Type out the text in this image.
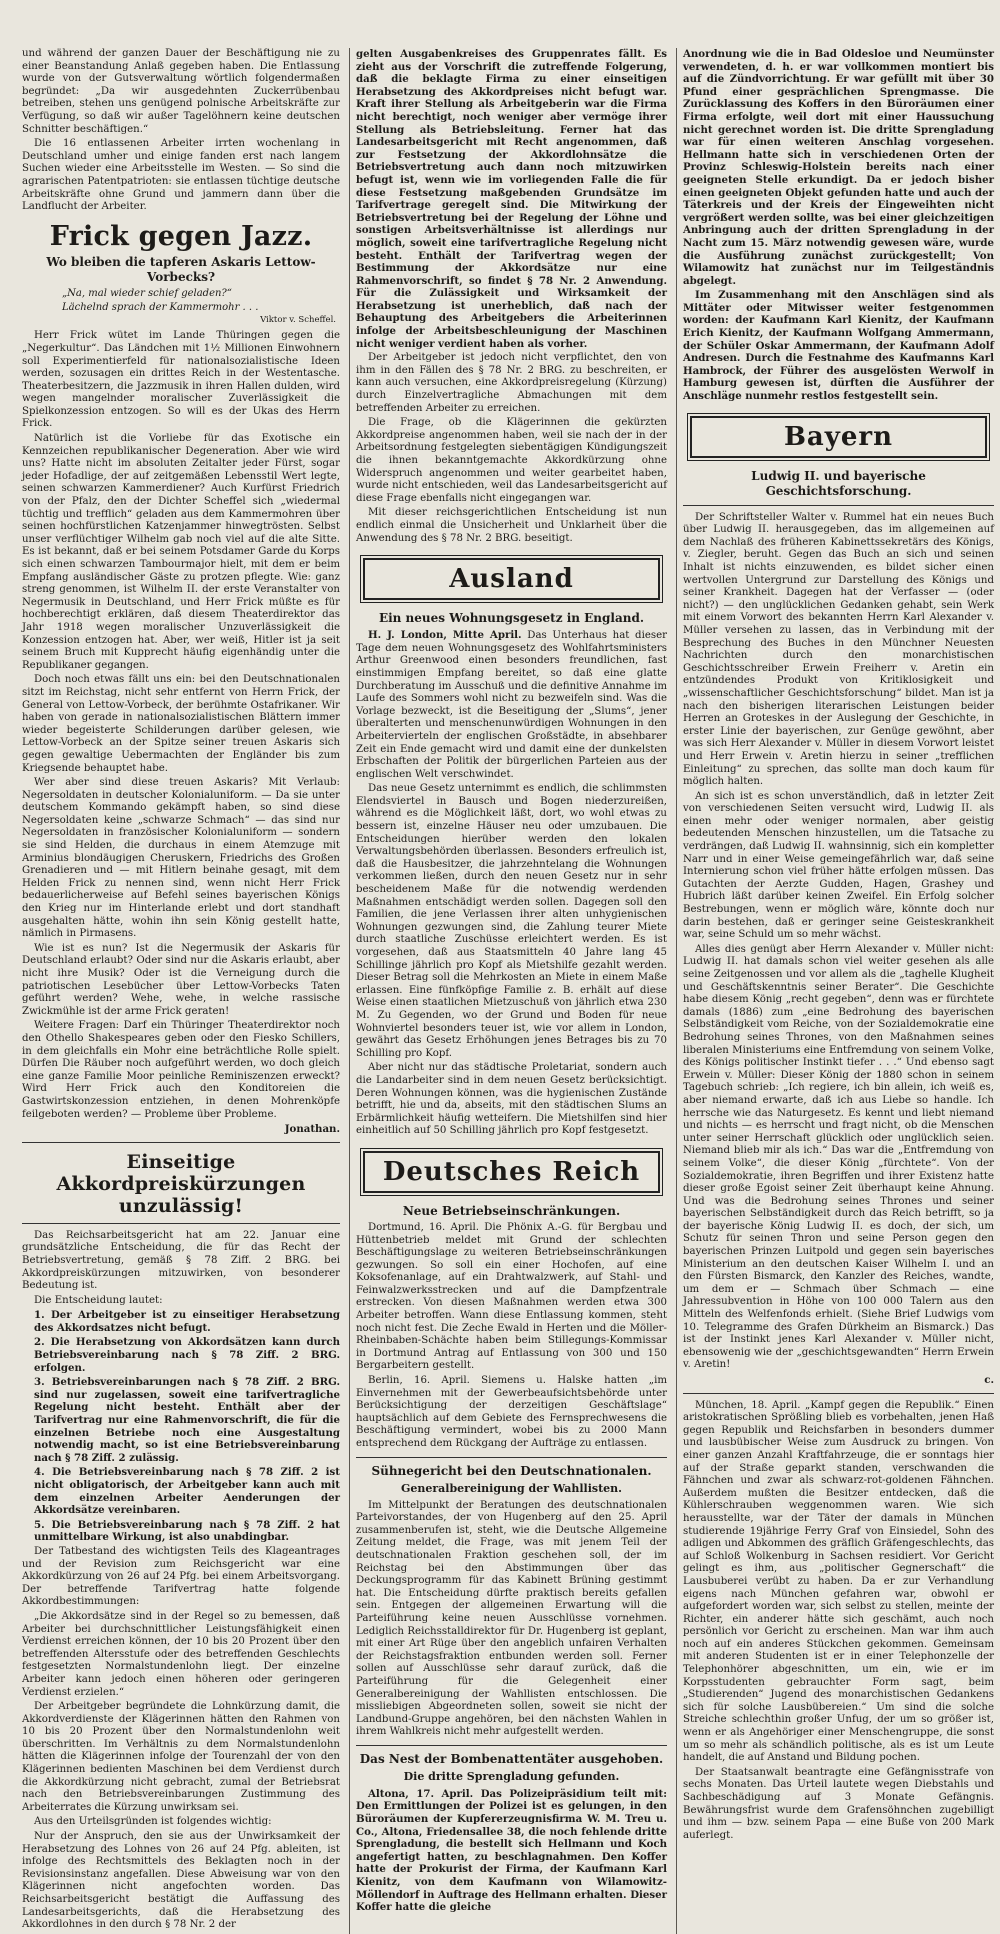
und während der ganzen Dauer der Beschäftigung nie zu einer Beanstandung Anlaß gegeben haben. Die Entlassung wurde von der Gutsverwaltung wörtlich folgendermaßen begründet: „Da wir ausgedehnten Zuckerrübenbau betreiben, stehen uns genügend polnische Arbeitskräfte zur Verfügung, so daß wir außer Tagelöhnern keine deutschen Schnitter beschäftigen.“

Die 16 entlassenen Arbeiter irrten wochenlang in Deutschland umher und einige fanden erst nach langem Suchen wieder eine Arbeitsstelle im Westen. — So sind die agrarischen Patentpatrioten: sie entlassen tüchtige deutsche Arbeitskräfte ohne Grund und jammern dann über die Landflucht der Arbeiter.

Frick gegen Jazz.
Wo bleiben die tapferen Askaris Lettow-Vorbecks?
„Na, mal wieder schief geladen?“
Lächelnd sprach der Kammermohr . . .
Viktor v. Scheffel.

Herr Frick wütet im Lande Thüringen gegen die „Negerkultur“. Das Ländchen mit 1½ Millionen Einwohnern soll Experimentierfeld für nationalsozialistische Ideen werden, sozusagen ein drittes Reich in der Westentasche. Theaterbesitzern, die Jazzmusik in ihren Hallen dulden, wird wegen mangelnder moralischer Zuverlässigkeit die Spielkonzession entzogen. So will es der Ukas des Herrn Frick.

Natürlich ist die Vorliebe für das Exotische ein Kennzeichen republikanischer Degeneration. Aber wie wird uns? Hatte nicht im absoluten Zeitalter jeder Fürst, sogar jeder Hofadlige, der auf zeitgemäßen Lebensstil Wert legte, seinen schwarzen Kammerdiener? Auch Kurfürst Friedrich von der Pfalz, den der Dichter Scheffel sich „wiedermal tüchtig und trefflich“ geladen aus dem Kammermohren über seinen hochfürstlichen Katzenjammer hinwegtrösten. Selbst unser verflüchtiger Wilhelm gab noch viel auf die alte Sitte. Es ist bekannt, daß er bei seinem Potsdamer Garde du Korps sich einen schwarzen Tambourmajor hielt, mit dem er beim Empfang ausländischer Gäste zu protzen pflegte. Wie: ganz streng genommen, ist Wilhelm II. der erste Veranstalter von Negermusik in Deutschland, und Herr Frick müßte es für hochberechtigt erklären, daß diesem Theaterdirektor das Jahr 1918 wegen moralischer Unzuverlässigkeit die Konzession entzogen hat. Aber, wer weiß, Hitler ist ja seit seinem Bruch mit Kupprecht häufig eigenhändig unter die Republikaner gegangen.

Doch noch etwas fällt uns ein: bei den Deutschnationalen sitzt im Reichstag, nicht sehr entfernt von Herrn Frick, der General von Lettow-Vorbeck, der berühmte Ostafrikaner. Wir haben von gerade in nationalsozialistischen Blättern immer wieder begeisterte Schilderungen darüber gelesen, wie Lettow-Vorbeck an der Spitze seiner treuen Askaris sich gegen gewaltige Uebermachten der Engländer bis zum Kriegsende behauptet habe.

Wer aber sind diese treuen Askaris? Mit Verlaub: Negersoldaten in deutscher Kolonialuniform. — Da sie unter deutschem Kommando gekämpft haben, so sind diese Negersoldaten keine „schwarze Schmach“ — das sind nur Negersoldaten in französischer Kolonialuniform — sondern sie sind Helden, die durchaus in einem Atemzuge mit Arminius blondäugigen Cheruskern, Friedrichs des Großen Grenadieren und — mit Hitlern beinahe gesagt, mit dem Helden Frick zu nennen sind, wenn nicht Herr Frick bedauerlicherweise auf Befehl seines bayerischen Königs den Krieg nur im Hinterlande erlebt und dort standhaft ausgehalten hätte, wohin ihn sein König gestellt hatte, nämlich in Pirmasens.

Wie ist es nun? Ist die Negermusik der Askaris für Deutschland erlaubt? Oder sind nur die Askaris erlaubt, aber nicht ihre Musik? Oder ist die Verneigung durch die patriotischen Lesebücher über Lettow-Vorbecks Taten geführt werden? Wehe, wehe, in welche rassische Zwickmühle ist der arme Frick geraten!

Weitere Fragen: Darf ein Thüringer Theaterdirektor noch den Othello Shakespeares geben oder den Fiesko Schillers, in dem gleichfalls ein Mohr eine beträchtliche Rolle spielt. Dürfen Die Räuber noch aufgeführt werden, wo doch gleich eine ganze Familie Moor peinliche Reminiszenzen erweckt? Wird Herr Frick auch den Konditoreien die Gastwirtskonzession entziehen, in denen Mohrenköpfe feilgeboten werden? — Probleme über Probleme.

Jonathan.
Einseitige Akkordpreiskürzungen unzulässig!

Das Reichsarbeitsgericht hat am 22. Januar eine grundsätzliche Entscheidung, die für das Recht der Betriebsvertretung, gemäß § 78 Ziff. 2 BRG. bei Akkordpreiskürzungen mitzuwirken, von besonderer Bedeutung ist.

Die Entscheidung lautet:

1. Der Arbeitgeber ist zu einseitiger Herabsetzung des Akkordsatzes nicht befugt.

2. Die Herabsetzung von Akkordsätzen kann durch Betriebsvereinbarung nach § 78 Ziff. 2 BRG. erfolgen.

3. Betriebsvereinbarungen nach § 78 Ziff. 2 BRG. sind nur zugelassen, soweit eine tarifvertragliche Regelung nicht besteht. Enthält aber der Tarifvertrag nur eine Rahmenvorschrift, die für die einzelnen Betriebe noch eine Ausgestaltung notwendig macht, so ist eine Betriebsvereinbarung nach § 78 Ziff. 2 zulässig.

4. Die Betriebsvereinbarung nach § 78 Ziff. 2 ist nicht obligatorisch, der Arbeitgeber kann auch mit dem einzelnen Arbeiter Aenderungen der Akkordsätze vereinbaren.

5. Die Betriebsvereinbarung nach § 78 Ziff. 2 hat unmittelbare Wirkung, ist also unabdingbar.

Der Tatbestand des wichtigsten Teils des Klageantrages und der Revision zum Reichsgericht war eine Akkordkürzung von 26 auf 24 Pfg. bei einem Arbeitsvorgang. Der betreffende Tarifvertrag hatte folgende Akkordbestimmungen:

„Die Akkordsätze sind in der Regel so zu bemessen, daß Arbeiter bei durchschnittlicher Leistungsfähigkeit einen Verdienst erreichen können, der 10 bis 20 Prozent über den betreffenden Altersstufe oder des betreffenden Geschlechts festgesetzten Normalstundenlohn liegt. Der einzelne Arbeiter kann jedoch einen höheren oder geringeren Verdienst erzielen.“

Der Arbeitgeber begründete die Lohnkürzung damit, die Akkordverdienste der Klägerinnen hätten den Rahmen von 10 bis 20 Prozent über den Normalstundenlohn weit überschritten. Im Verhältnis zu dem Normalstundenlohn hätten die Klägerinnen infolge der Tourenzahl der von den Klägerinnen bedienten Maschinen bei dem Verdienst durch die Akkordkürzung nicht gebracht, zumal der Betriebsrat nach den Betriebsvereinbarungen Zustimmung des Arbeiterrates die Kürzung unwirksam sei.

Aus den Urteilsgründen ist folgendes wichtig:

Nur der Anspruch, den sie aus der Unwirksamkeit der Herabsetzung des Lohnes von 26 auf 24 Pfg. ableiten, ist infolge des Rechtsmittels des Beklagten noch in der Revisionsinstanz angefallen. Diese Abweisung war von den Klägerinnen nicht angefochten worden. Das Reichsarbeitsgericht bestätigt die Auffassung des Landesarbeitsgerichts, daß die Herabsetzung des Akkordlohnes in den durch § 78 Nr. 2 der

gelten Ausgabenkreises des Gruppenrates fällt. Es zieht aus der Vorschrift die zutreffende Folgerung, daß die beklagte Firma zu einer einseitigen Herabsetzung des Akkordpreises nicht befugt war. Kraft ihrer Stellung als Arbeitgeberin war die Firma nicht berechtigt, noch weniger aber vermöge ihrer Stellung als Betriebsleitung. Ferner hat das Landesarbeitsgericht mit Recht angenommen, daß zur Festsetzung der Akkordlohnsätze die Betriebsvertretung auch dann noch mitzuwirken befugt ist, wenn wie im vorliegenden Falle die für diese Festsetzung maßgebenden Grundsätze im Tarifvertrage geregelt sind. Die Mitwirkung der Betriebsvertretung bei der Regelung der Löhne und sonstigen Arbeitsverhältnisse ist allerdings nur möglich, soweit eine tarifvertragliche Regelung nicht besteht. Enthält der Tarifvertrag wegen der Bestimmung der Akkordsätze nur eine Rahmenvorschrift, so findet § 78 Nr. 2 Anwendung. Für die Zulässigkeit und Wirksamkeit der Herabsetzung ist unerheblich, daß nach der Behauptung des Arbeitgebers die Arbeiterinnen infolge der Arbeitsbeschleunigung der Maschinen nicht weniger verdient haben als vorher.

Der Arbeitgeber ist jedoch nicht verpflichtet, den von ihm in den Fällen des § 78 Nr. 2 BRG. zu beschreiten, er kann auch versuchen, eine Akkordpreisregelung (Kürzung) durch Einzelvertragliche Abmachungen mit dem betreffenden Arbeiter zu erreichen.

Die Frage, ob die Klägerinnen die gekürzten Akkordpreise angenommen haben, weil sie nach der in der Arbeitsordnung festgelegten siebentägigen Kündigungszeit die ihnen bekanntgemachte Akkordkürzung ohne Widerspruch angenommen und weiter gearbeitet haben, wurde nicht entschieden, weil das Landesarbeitsgericht auf diese Frage ebenfalls nicht eingegangen war.

Mit dieser reichsgerichtlichen Entscheidung ist nun endlich einmal die Unsicherheit und Unklarheit über die Anwendung des § 78 Nr. 2 BRG. beseitigt.

Ausland
Ein neues Wohnungsgesetz in England.

H. J. London, Mitte April. Das Unterhaus hat dieser Tage dem neuen Wohnungsgesetz des Wohlfahrtsministers Arthur Greenwood einen besonders freundlichen, fast einstimmigen Empfang bereitet, so daß eine glatte Durchberatung im Ausschuß und die definitive Annahme im Laufe des Sommers wohl nicht zu bezweifeln sind. Was die Vorlage bezweckt, ist die Beseitigung der „Slums“, jener überalterten und menschenunwürdigen Wohnungen in den Arbeitervierteln der englischen Großstädte, in absehbarer Zeit ein Ende gemacht wird und damit eine der dunkelsten Erbschaften der Politik der bürgerlichen Parteien aus der englischen Welt verschwindet.

Das neue Gesetz unternimmt es endlich, die schlimmsten Elendsviertel in Bausch und Bogen niederzureißen, während es die Möglichkeit läßt, dort, wo wohl etwas zu bessern ist, einzelne Häuser neu oder umzubauen. Die Entscheidungen hierüber werden den lokalen Verwaltungsbehörden überlassen. Besonders erfreulich ist, daß die Hausbesitzer, die jahrzehntelang die Wohnungen verkommen ließen, durch den neuen Gesetz nur in sehr bescheidenem Maße für die notwendig werdenden Maßnahmen entschädigt werden sollen. Dagegen soll den Familien, die jene Verlassen ihrer alten unhygienischen Wohnungen gezwungen sind, die Zahlung teurer Miete durch staatliche Zuschüsse erleichtert werden. Es ist vorgesehen, daß aus Staatsmitteln 40 Jahre lang 45 Schillinge jährlich pro Kopf als Mietshilfe gezahlt werden. Dieser Betrag soll die Mehrkosten an Miete in einem Maße erlassen. Eine fünfköpfige Familie z. B. erhält auf diese Weise einen staatlichen Mietzuschuß von jährlich etwa 230 M. Zu Gegenden, wo der Grund und Boden für neue Wohnviertel besonders teuer ist, wie vor allem in London, gewährt das Gesetz Erhöhungen jenes Betrages bis zu 70 Schilling pro Kopf.

Aber nicht nur das städtische Proletariat, sondern auch die Landarbeiter sind in dem neuen Gesetz berücksichtigt. Deren Wohnungen können, was die hygienischen Zustände betrifft, hie und da, abseits, mit den städtischen Slums an Erbärmlichkeit häufig wetteifern. Die Mietshilfen sind hier einheitlich auf 50 Schilling jährlich pro Kopf festgesetzt.

Deutsches Reich
Neue Betriebseinschränkungen.

Dortmund, 16. April. Die Phönix A.-G. für Bergbau und Hüttenbetrieb meldet mit Grund der schlechten Beschäftigungslage zu weiteren Betriebseinschränkungen gezwungen. So soll ein einer Hochofen, auf eine Koksofenanlage, auf ein Drahtwalzwerk, auf Stahl- und Feinwalzwerksstrecken und auf die Dampfzentrale erstrecken. Von diesen Maßnahmen werden etwa 300 Arbeiter betroffen. Wann diese Entlassung kommen, steht noch nicht fest. Die Zeche Ewald in Herten und die Möller-Rheinbaben-Schächte haben beim Stillegungs-Kommissar in Dortmund Antrag auf Entlassung von 300 und 150 Bergarbeitern gestellt.

Berlin, 16. April. Siemens u. Halske hatten „im Einvernehmen mit der Gewerbeaufsichtsbehörde unter Berücksichtigung der derzeitigen Geschäftslage“ hauptsächlich auf dem Gebiete des Fernsprechwesens die Beschäftigung vermindert, wobei bis zu 2000 Mann entsprechend dem Rückgang der Aufträge zu entlassen.

Sühnegericht bei den Deutschnationalen.
Generalbereinigung der Wahllisten.

Im Mittelpunkt der Beratungen des deutschnationalen Parteivorstandes, der von Hugenberg auf den 25. April zusammenberufen ist, steht, wie die Deutsche Allgemeine Zeitung meldet, die Frage, was mit jenem Teil der deutschnationalen Fraktion geschehen soll, der im Reichstag bei den Abstimmungen über das Deckungsprogramm für das Kabinett Brüning gestimmt hat. Die Entscheidung dürfte praktisch bereits gefallen sein. Entgegen der allgemeinen Erwartung will die Parteiführung keine neuen Ausschlüsse vornehmen. Lediglich Reichsstalldirektor für Dr. Hugenberg ist geplant, mit einer Art Rüge über den angeblich unfairen Verhalten der Reichstagsfraktion entbunden werden soll. Ferner sollen auf Ausschlüsse sehr darauf zurück, daß die Parteiführung für die Gelegenheit einer Generalbereinigung der Wahllisten entschlossen. Die missliebigen Abgeordneten sollen, soweit sie nicht der Landbund-Gruppe angehören, bei den nächsten Wahlen in ihrem Wahlkreis nicht mehr aufgestellt werden.

Das Nest der Bombenattentäter ausgehoben.
Die dritte Sprengladung gefunden.

Altona, 17. April. Das Polizeipräsidium teilt mit: Den Ermittlungen der Polizei ist es gelungen, in den Büroräumen der Kupfererzeugnisfirma W. M. Treu u. Co., Altona, Friedensallee 38, die noch fehlende dritte Sprengladung, die bestellt sich Hellmann und Koch angefertigt hatten, zu beschlagnahmen. Den Koffer hatte der Prokurist der Firma, der Kaufmann Karl Kienitz, von dem Kaufmann von Wilamowitz-Möllendorf in Auftrage des Hellmann erhalten. Dieser Koffer hatte die gleiche

Anordnung wie die in Bad Oldesloe und Neumünster verwendeten, d. h. er war vollkommen montiert bis auf die Zündvorrichtung. Er war gefüllt mit über 30 Pfund einer gesprächlichen Sprengmasse. Die Zurücklassung des Koffers in den Büroräumen einer Firma erfolgte, weil dort mit einer Haussuchung nicht gerechnet worden ist. Die dritte Sprengladung war für einen weiteren Anschlag vorgesehen. Hellmann hatte sich in verschiedenen Orten der Provinz Schleswig-Holstein bereits nach einer geeigneten Stelle erkundigt. Da er jedoch bisher einen geeigneten Objekt gefunden hatte und auch der Täterkreis und der Kreis der Eingeweihten nicht vergrößert werden sollte, was bei einer gleichzeitigen Anbringung auch der dritten Sprengladung in der Nacht zum 15. März notwendig gewesen wäre, wurde die Ausführung zunächst zurückgestellt; Von Wilamowitz hat zunächst nur im Teilgeständnis abgelegt.

Im Zusammenhang mit den Anschlägen sind als Mittäter oder Mitwisser weiter festgenommen worden: der Kaufmann Karl Kienitz, der Kaufmann Erich Kienitz, der Kaufmann Wolfgang Ammermann, der Schüler Oskar Ammermann, der Kaufmann Adolf Andresen. Durch die Festnahme des Kaufmanns Karl Hambrock, der Führer des ausgelösten Werwolf in Hamburg gewesen ist, dürften die Ausführer der Anschläge nunmehr restlos festgestellt sein.

Bayern
Ludwig II. und bayerische Geschichtsforschung.

Der Schriftsteller Walter v. Rummel hat ein neues Buch über Ludwig II. herausgegeben, das im allgemeinen auf dem Nachlaß des früheren Kabinettssekretärs des Königs, v. Ziegler, beruht. Gegen das Buch an sich und seinen Inhalt ist nichts einzuwenden, es bildet sicher einen wertvollen Untergrund zur Darstellung des Königs und seiner Krankheit. Dagegen hat der Verfasser — (oder nicht?) — den unglücklichen Gedanken gehabt, sein Werk mit einem Vorwort des bekannten Herrn Karl Alexander v. Müller versehen zu lassen, das in Verbindung mit der Besprechung des Buches in den Münchner Neuesten Nachrichten durch den monarchistischen Geschichtsschreiber Erwein Freiherr v. Aretin ein entzündendes Produkt von Kritiklosigkeit und „wissenschaftlicher Geschichtsforschung“ bildet. Man ist ja nach den bisherigen literarischen Leistungen beider Herren an Groteskes in der Auslegung der Geschichte, in erster Linie der bayerischen, zur Genüge gewöhnt, aber was sich Herr Alexander v. Müller in diesem Vorwort leistet und Herr Erwein v. Aretin hierzu in seiner „trefflichen Einleitung“ zu sprechen, das sollte man doch kaum für möglich halten.

An sich ist es schon unverständlich, daß in letzter Zeit von verschiedenen Seiten versucht wird, Ludwig II. als einen mehr oder weniger normalen, aber geistig bedeutenden Menschen hinzustellen, um die Tatsache zu verdrängen, daß Ludwig II. wahnsinnig, sich ein kompletter Narr und in einer Weise gemeingefährlich war, daß seine Internierung schon viel früher hätte erfolgen müssen. Das Gutachten der Aerzte Gudden, Hagen, Grashey und Hubrich läßt darüber keinen Zweifel. Ein Erfolg solcher Bestrebungen, wenn er möglich wäre, könnte doch nur darin bestehen, daß er geringer seine Geisteskrankheit war, seine Schuld um so mehr wächst.

Alles dies genügt aber Herrn Alexander v. Müller nicht: Ludwig II. hat damals schon viel weiter gesehen als alle seine Zeitgenossen und vor allem als die „taghelle Klugheit und Geschäftskenntnis seiner Berater“. Die Geschichte habe diesem König „recht gegeben“, denn was er fürchtete damals (1886) zum „eine Bedrohung des bayerischen Selbständigkeit vom Reiche, von der Sozialdemokratie eine Bedrohung seines Thrones, von den Maßnahmen seines liberalen Ministeriums eine Entfremdung von seinem Volke, des Königs politischer Instinkt tiefer . . .“ Und ebenso sagt Erwein v. Müller: Dieser König der 1880 schon in seinem Tagebuch schrieb: „Ich regiere, ich bin allein, ich weiß es, aber niemand erwarte, daß ich aus Liebe so handle. Ich herrsche wie das Naturgesetz. Es kennt und liebt niemand und nichts — es herrscht und fragt nicht, ob die Menschen unter seiner Herrschaft glücklich oder unglücklich seien. Niemand blieb mir als ich.“ Das war die „Entfremdung von seinem Volke“, die dieser König „fürchtete“. Von der Sozialdemokratie, ihren Begriffen und ihrer Existenz hatte dieser große Egoist seiner Zeit überhaupt keine Ahnung. Und was die Bedrohung seines Thrones und seiner bayerischen Selbständigkeit durch das Reich betrifft, so ja der bayerische König Ludwig II. es doch, der sich, um Schutz für seinen Thron und seine Person gegen den bayerischen Prinzen Luitpold und gegen sein bayerisches Ministerium an den deutschen Kaiser Wilhelm I. und an den Fürsten Bismarck, den Kanzler des Reiches, wandte, um dem er — Schmach über Schmach — eine Jahressubvention in Höhe von 100 000 Talern aus den Mitteln des Welfenfonds erhielt. (Siehe Brief Ludwigs vom 10. Telegramme des Grafen Dürkheim an Bismarck.) Das ist der Instinkt jenes Karl Alexander v. Müller nicht, ebensowenig wie der „geschichtsgewandten“ Herrn Erwein v. Aretin!

c.

München, 18. April. „Kampf gegen die Republik.“ Einen aristokratischen Sprößling blieb es vorbehalten, jenen Haß gegen Republik und Reichsfarben in besonders dummer und lausbübischer Weise zum Ausdruck zu bringen. Von einer ganzen Anzahl Kraftfahrzeuge, die er sonntags hier auf der Straße geparkt standen, verschwanden die Fähnchen und zwar als schwarz-rot-goldenen Fähnchen. Außerdem mußten die Besitzer entdecken, daß die Kühlerschrauben weggenommen waren. Wie sich herausstellte, war der Täter der damals in München studierende 19jährige Ferry Graf von Einsiedel, Sohn des adligen und Abkommen des gräflich Gräfengeschlechts, das auf Schloß Wolkenburg in Sachsen residiert. Vor Gericht gelingt es ihm, aus „politischer Gegnerschaft“ die Lausbuberei verübt zu haben. Da er zur Verhandlung eigens nach München gefahren war, obwohl er aufgefordert worden war, sich selbst zu stellen, meinte der Richter, ein anderer hätte sich geschämt, auch noch persönlich vor Gericht zu erscheinen. Man war ihm auch noch auf ein anderes Stückchen gekommen. Gemeinsam mit anderen Studenten ist er in einer Telephonzelle der Telephonhörer abgeschnitten, um ein, wie er im Korpsstudenten gebrauchter Form sagt, beim „Studierenden“ Jugend des monarchistischen Gedankens sich für solche Lausbübereien.“ Um sind die solche Streiche schlechthin großer Unfug, der um so größer ist, wenn er als Angehöriger einer Menschengruppe, die sonst um so mehr als schändlich politische, als es ist um Leute handelt, die auf Anstand und Bildung pochen.

Der Staatsanwalt beantragte eine Gefängnisstrafe von sechs Monaten. Das Urteil lautete wegen Diebstahls und Sachbeschädigung auf 3 Monate Gefängnis. Bewährungsfrist wurde dem Grafensöhnchen zugebilligt und ihm — bzw. seinem Papa — eine Buße von 200 Mark auferlegt.
